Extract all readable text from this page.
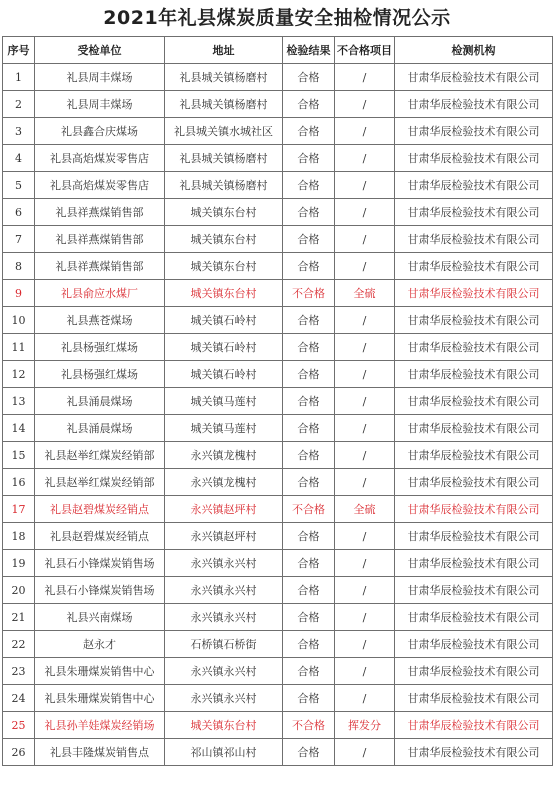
2021年礼县煤炭质量安全抽检情况公示
序号	受检单位	地址	检验结果	不合格项目	检测机构
1	礼县周丰煤场	礼县城关镇杨磨村	合格	/	甘肃华辰检验技术有限公司
2	礼县周丰煤场	礼县城关镇杨磨村	合格	/	甘肃华辰检验技术有限公司
3	礼县鑫合庆煤场	礼县城关镇水城社区	合格	/	甘肃华辰检验技术有限公司
4	礼县高焰煤炭零售店	礼县城关镇杨磨村	合格	/	甘肃华辰检验技术有限公司
5	礼县高焰煤炭零售店	礼县城关镇杨磨村	合格	/	甘肃华辰检验技术有限公司
6	礼县祥燕煤销售部	城关镇东台村	合格	/	甘肃华辰检验技术有限公司
7	礼县祥燕煤销售部	城关镇东台村	合格	/	甘肃华辰检验技术有限公司
8	礼县祥燕煤销售部	城关镇东台村	合格	/	甘肃华辰检验技术有限公司
9	礼县俞应水煤厂	城关镇东台村	不合格	全硫	甘肃华辰检验技术有限公司
10	礼县燕苍煤场	城关镇石岭村	合格	/	甘肃华辰检验技术有限公司
11	礼县杨强红煤场	城关镇石岭村	合格	/	甘肃华辰检验技术有限公司
12	礼县杨强红煤场	城关镇石岭村	合格	/	甘肃华辰检验技术有限公司
13	礼县涌晨煤场	城关镇马莲村	合格	/	甘肃华辰检验技术有限公司
14	礼县涌晨煤场	城关镇马莲村	合格	/	甘肃华辰检验技术有限公司
15	礼县赵举红煤炭经销部	永兴镇龙槐村	合格	/	甘肃华辰检验技术有限公司
16	礼县赵举红煤炭经销部	永兴镇龙槐村	合格	/	甘肃华辰检验技术有限公司
17	礼县赵碧煤炭经销点	永兴镇赵坪村	不合格	全硫	甘肃华辰检验技术有限公司
18	礼县赵碧煤炭经销点	永兴镇赵坪村	合格	/	甘肃华辰检验技术有限公司
19	礼县石小锋煤炭销售场	永兴镇永兴村	合格	/	甘肃华辰检验技术有限公司
20	礼县石小锋煤炭销售场	永兴镇永兴村	合格	/	甘肃华辰检验技术有限公司
21	礼县兴南煤场	永兴镇永兴村	合格	/	甘肃华辰检验技术有限公司
22	赵永才	石桥镇石桥街	合格	/	甘肃华辰检验技术有限公司
23	礼县朱珊煤炭销售中心	永兴镇永兴村	合格	/	甘肃华辰检验技术有限公司
24	礼县朱珊煤炭销售中心	永兴镇永兴村	合格	/	甘肃华辰检验技术有限公司
25	礼县孙羊娃煤炭经销场	城关镇东台村	不合格	挥发分	甘肃华辰检验技术有限公司
26	礼县丰隆煤炭销售点	祁山镇祁山村	合格	/	甘肃华辰检验技术有限公司
